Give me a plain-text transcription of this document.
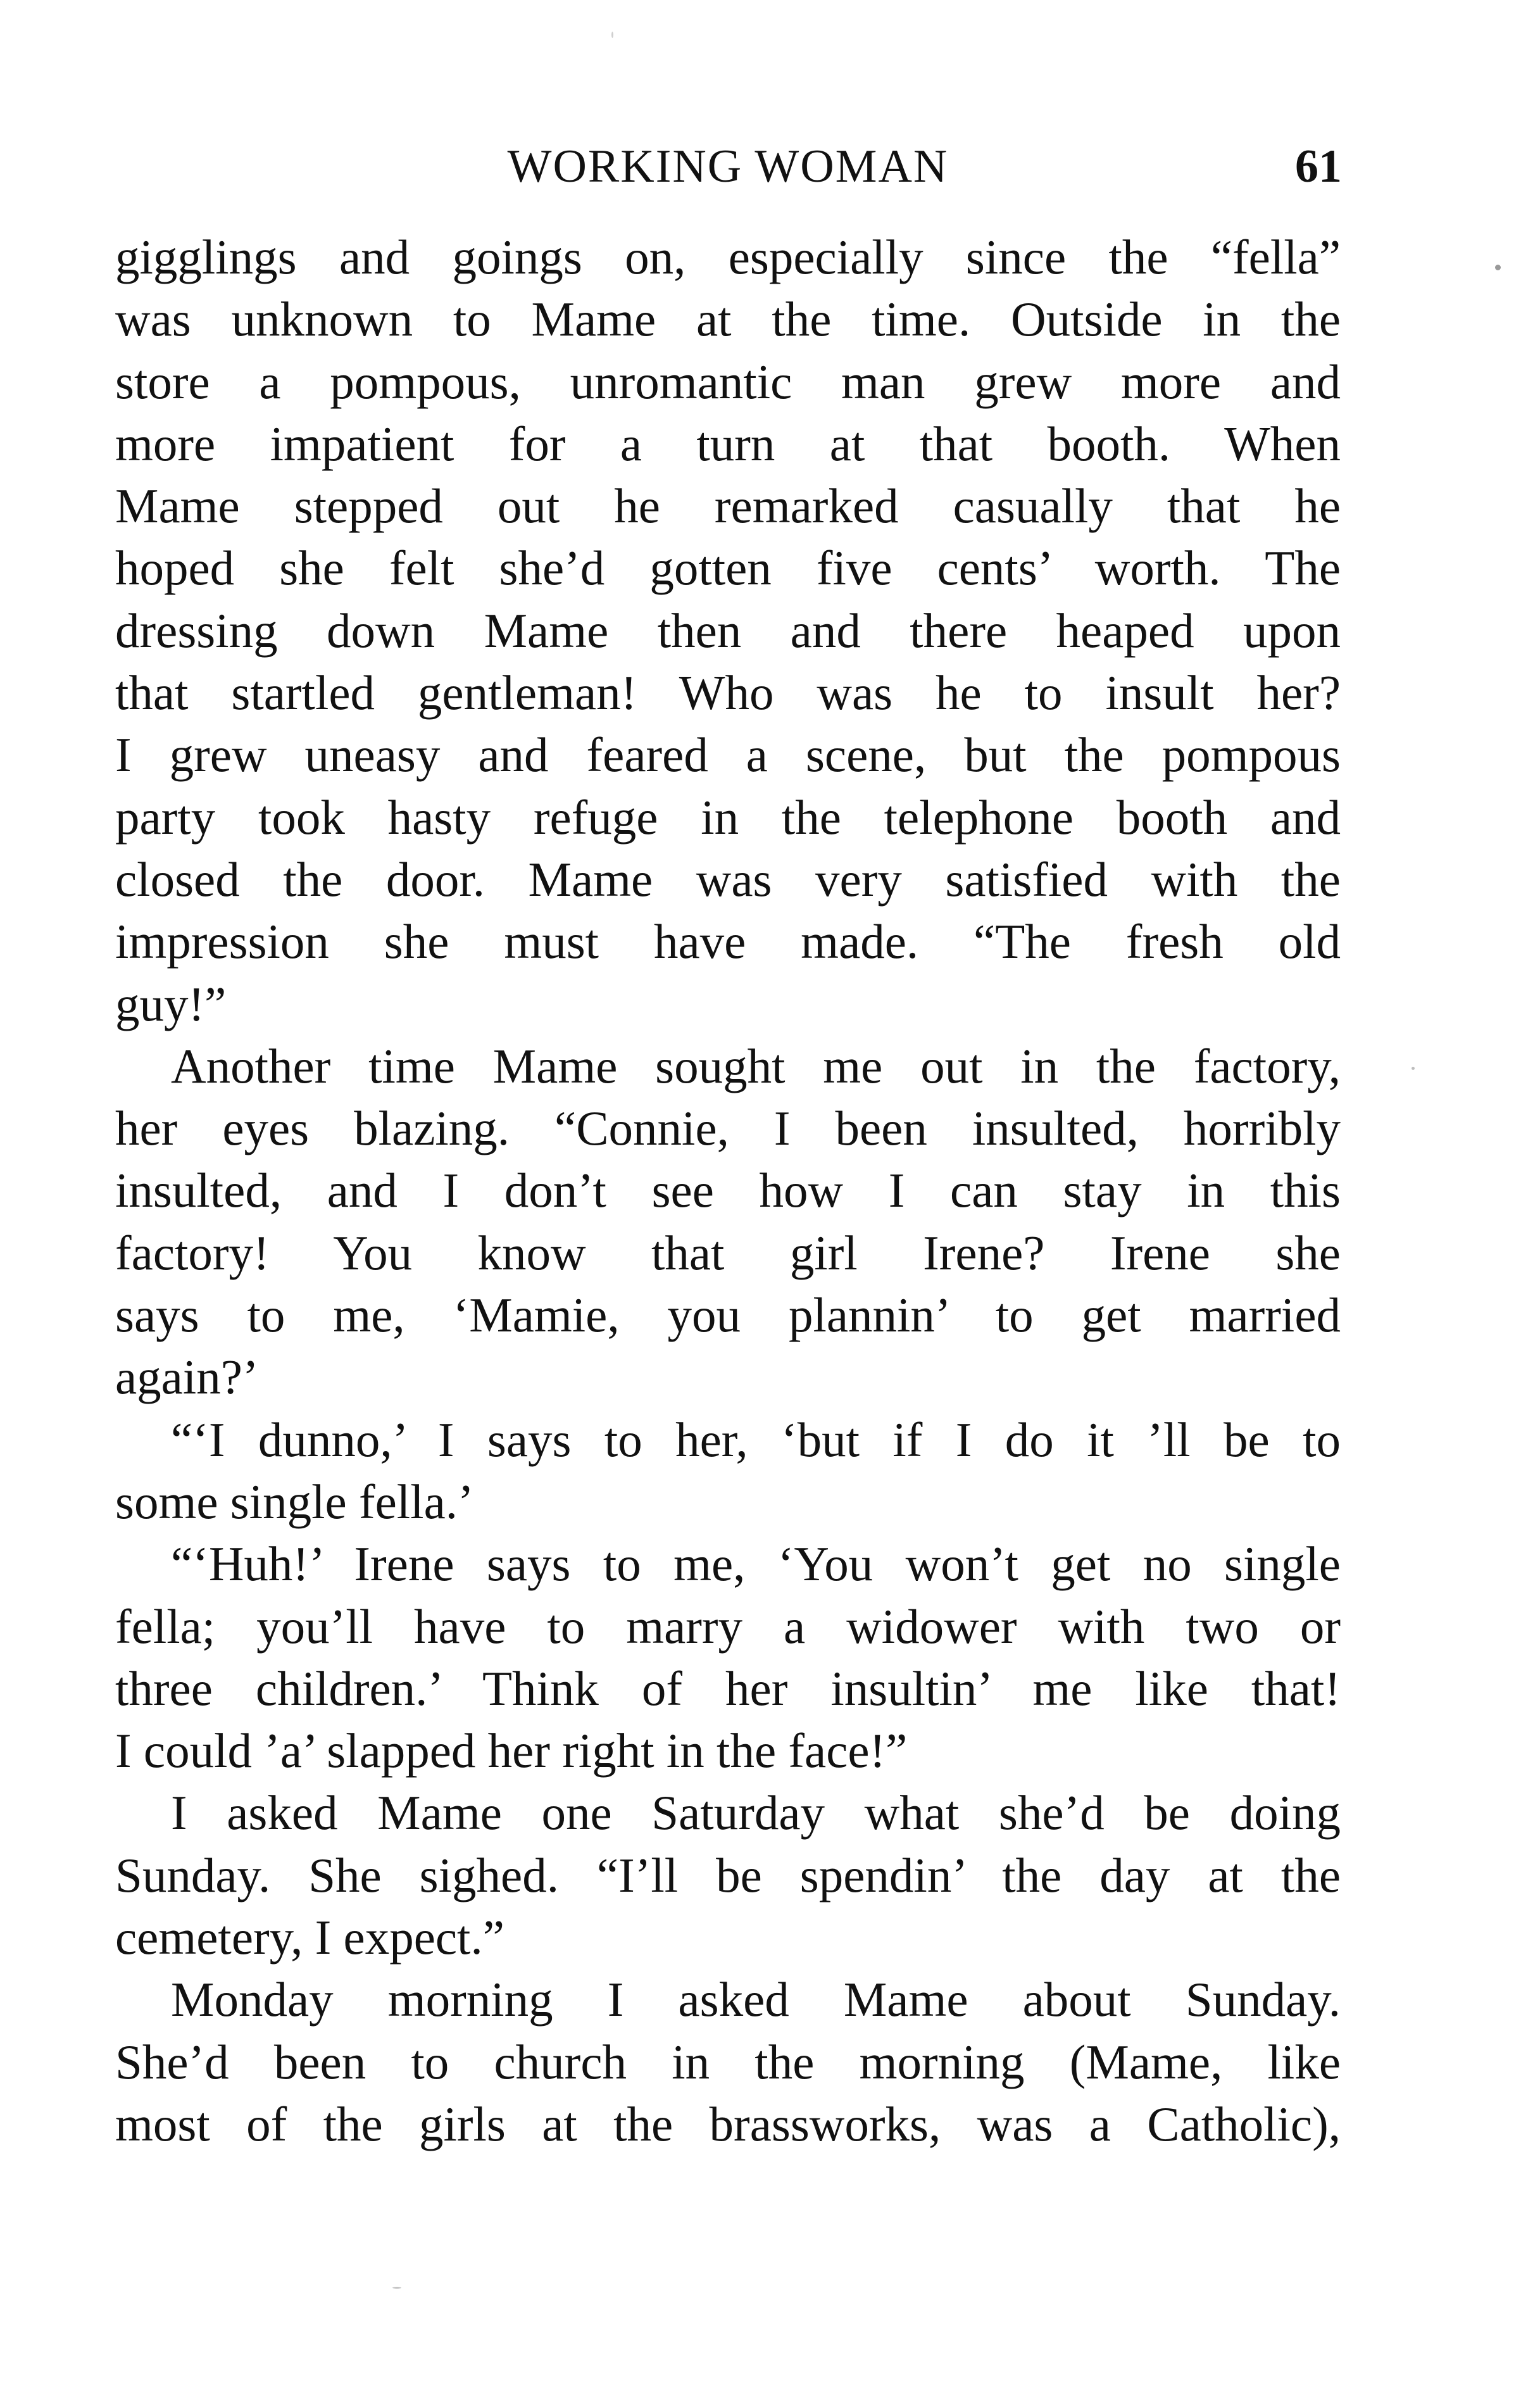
WORKING WOMAN	61
gigglings and goings on, especially since the “fella”
was unknown to Mame at the time. Outside in the
store a pompous, unromantic man grew more and
more impatient for a turn at that booth. When
Mame stepped out he remarked casually that he
hoped she felt she’d gotten five cents’ worth. The
dressing down Mame then and there heaped upon
that startled gentleman! Who was he to insult her?
I grew uneasy and feared a scene, but the pompous
party took hasty refuge in the telephone booth and
closed the door. Mame was very satisfied with the
impression she must have made. “The fresh old
guy!”
Another time Mame sought me out in the factory,
her eyes blazing. “Connie, I been insulted, horribly
insulted, and I don’t see how I can stay in this
factory! You know that girl Irene? Irene she
says to me, ‘Mamie, you plannin’ to get married
again?’
“‘I dunno,’ I says to her, ‘but if I do it ’ll be to
some single fella.’
“‘Huh!’ Irene says to me, ‘You won’t get no single
fella; you’ll have to marry a widower with two or
three children.’ Think of her insultin’ me like that!
I could ’a’ slapped her right in the face!”
I asked Mame one Saturday what she’d be doing
Sunday. She sighed. “I’ll be spendin’ the day at the
cemetery, I expect.”
Monday morning I asked Mame about Sunday.
She’d been to church in the morning (Mame, like
most of the girls at the brassworks, was a Catholic),
